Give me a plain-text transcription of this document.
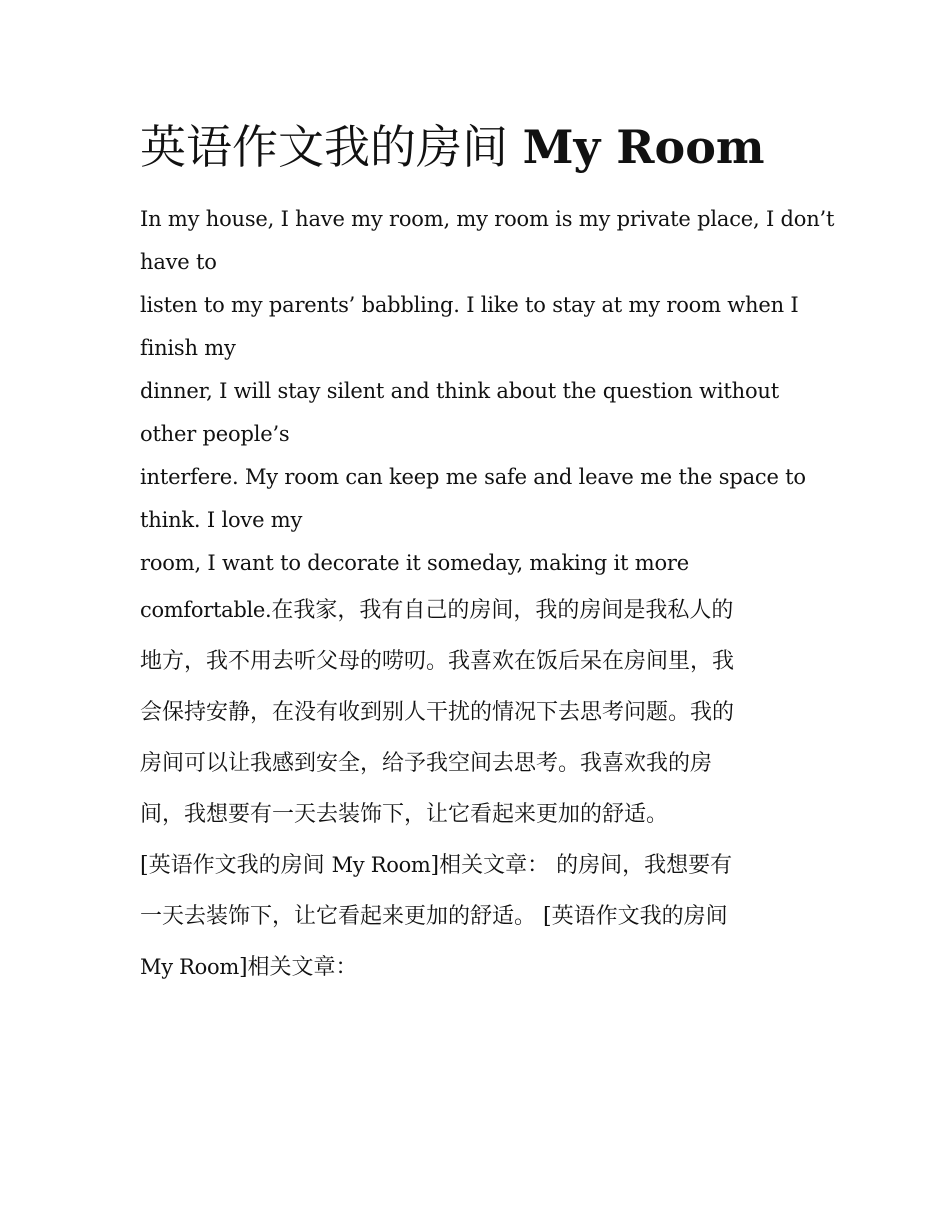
英语作文我的房间 My Room
In my house, I have my room, my room is my private place, I don’t
have to
listen to my parents’ babbling. I like to stay at my room when I
finish my
dinner, I will stay silent and think about the question without
other people’s
interfere. My room can keep me safe and leave me the space to
think. I love my
room, I want to decorate it someday, making it more
comfortable.在我家，我有自己的房间，我的房间是我私人的
地方，我不用去听父母的唠叨。我喜欢在饭后呆在房间里，我
会保持安静，在没有收到别人干扰的情况下去思考问题。我的
房间可以让我感到安全，给予我空间去思考。我喜欢我的房
间，我想要有一天去装饰下，让它看起来更加的舒适。
[英语作文我的房间 My Room]相关文章： 的房间，我想要有
一天去装饰下，让它看起来更加的舒适。 [英语作文我的房间
My Room]相关文章：
